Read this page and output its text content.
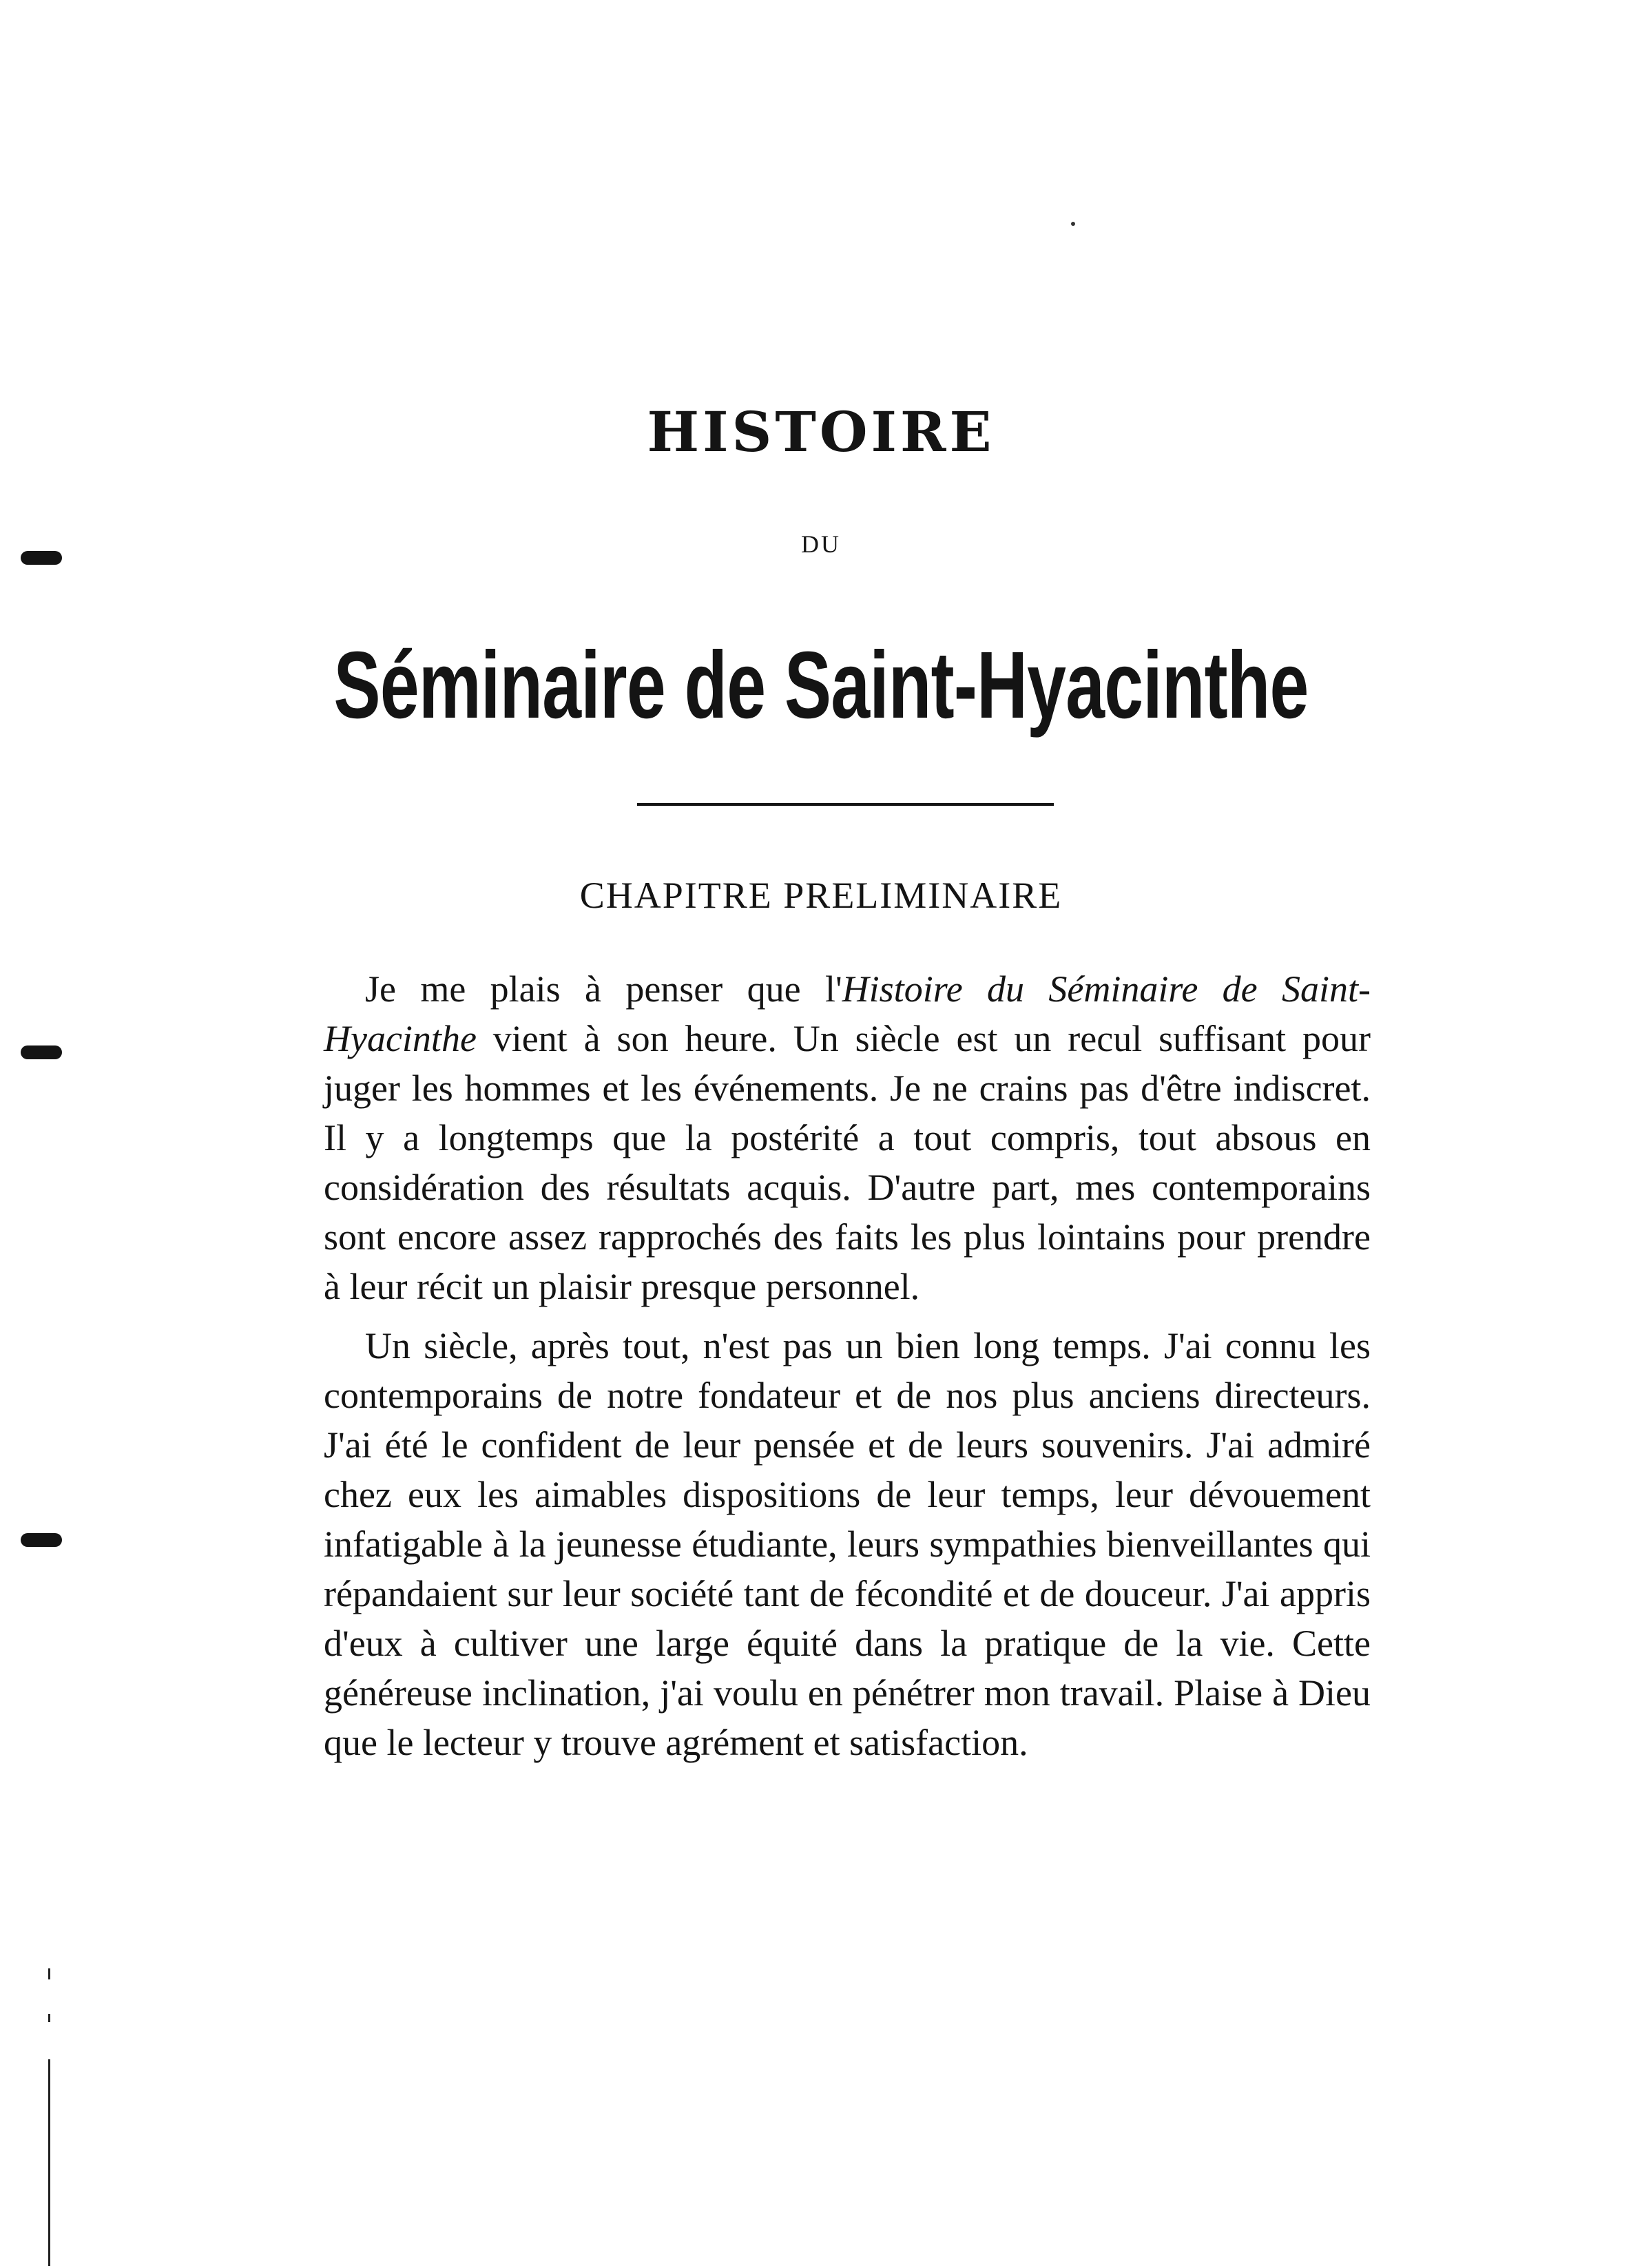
HISTOIRE
DU
Séminaire de Saint-Hyacinthe
CHAPITRE PRELIMINAIRE

Je me plais à penser que l'Histoire du Séminaire de Saint-Hyacinthe vient à son heure. Un siècle est un recul suffisant pour juger les hommes et les événements. Je ne crains pas d'être indiscret. Il y a longtemps que la postérité a tout compris, tout absous en considération des résultats acquis. D'autre part, mes contemporains sont encore assez rapprochés des faits les plus lointains pour prendre à leur récit un plaisir presque personnel.

Un siècle, après tout, n'est pas un bien long temps. J'ai connu les contemporains de notre fondateur et de nos plus anciens directeurs. J'ai été le confident de leur pensée et de leurs souvenirs. J'ai admiré chez eux les aimables dispositions de leur temps, leur dévouement infatigable à la jeunesse étudiante, leurs sympathies bienveillantes qui répandaient sur leur société tant de fécondité et de douceur. J'ai appris d'eux à cultiver une large équité dans la pratique de la vie. Cette généreuse inclination, j'ai voulu en pénétrer mon travail. Plaise à Dieu que le lecteur y trouve agrément et satisfaction.
